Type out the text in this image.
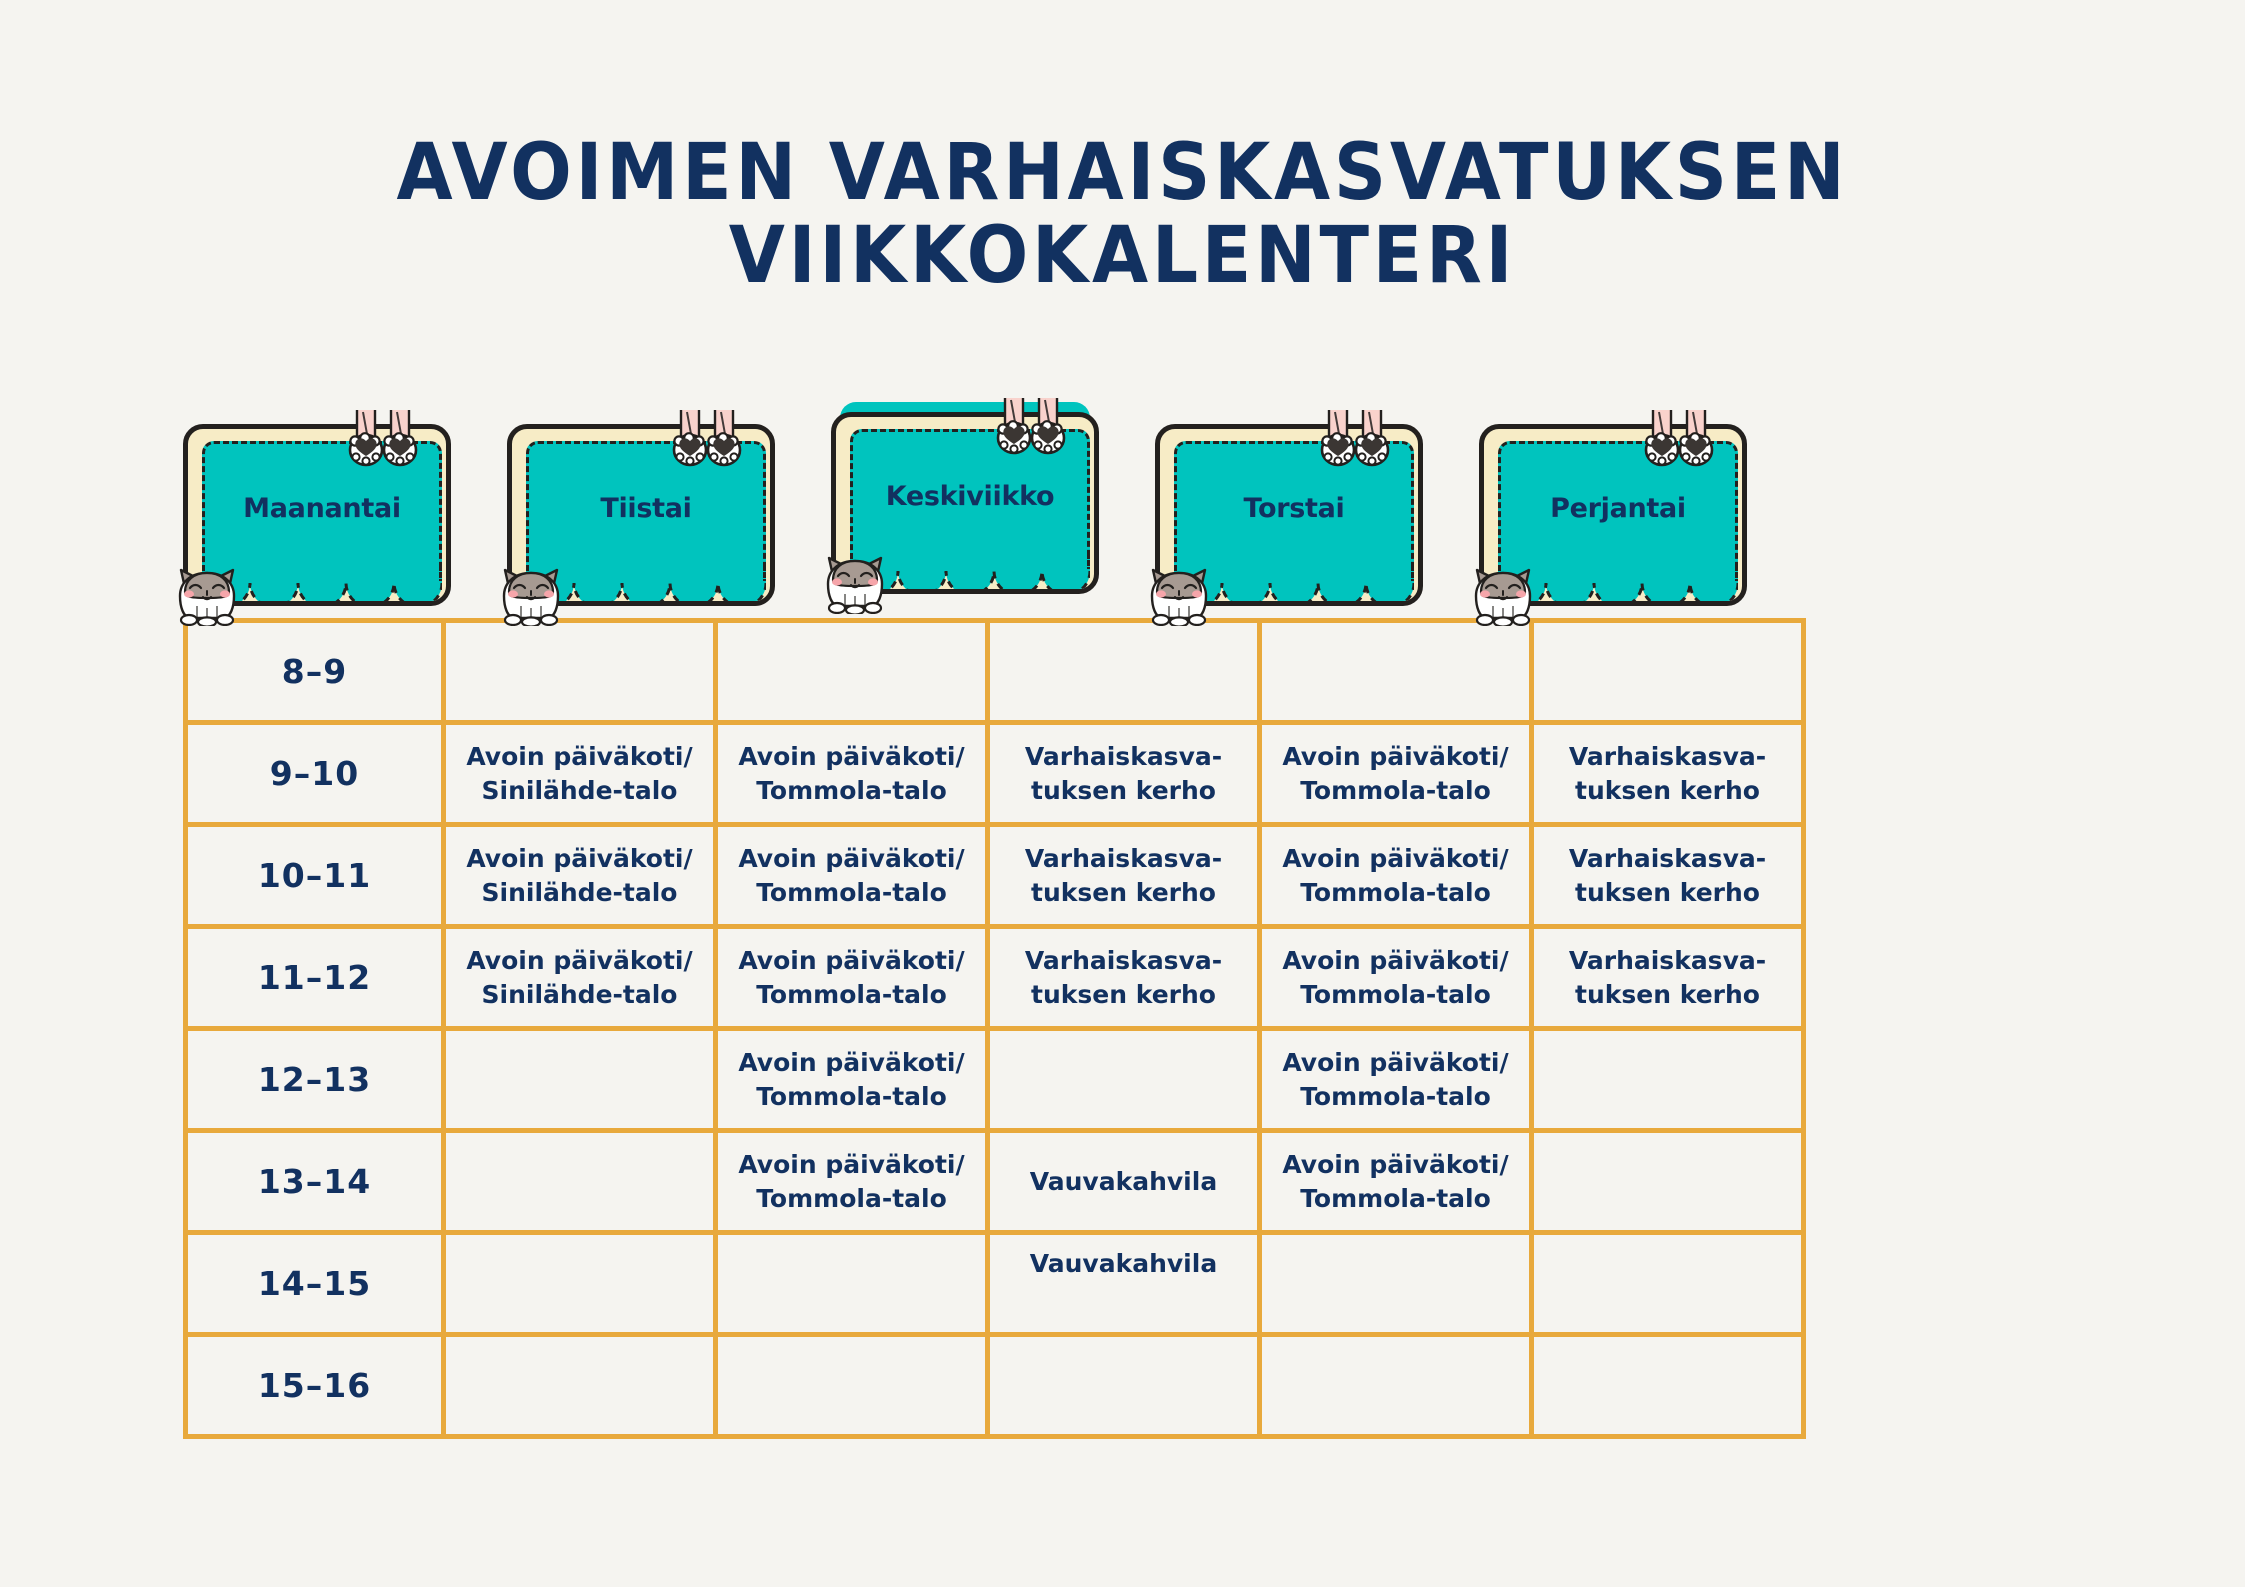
AVOIMEN VARHAISKASVATUKSEN
VIIKKOKALENTERI
Maanantai	Tiistai	Keskiviikko	Torstai	Perjantai
8–9					
9–10	Avoin päiväkoti/ Sinilähde-talo	Avoin päiväkoti/ Tommola-talo	Varhaiskasva- tuksen kerho	Avoin päiväkoti/ Tommola-talo	Varhaiskasva- tuksen kerho
10–11	Avoin päiväkoti/ Sinilähde-talo	Avoin päiväkoti/ Tommola-talo	Varhaiskasva- tuksen kerho	Avoin päiväkoti/ Tommola-talo	Varhaiskasva- tuksen kerho
11–12	Avoin päiväkoti/ Sinilähde-talo	Avoin päiväkoti/ Tommola-talo	Varhaiskasva- tuksen kerho	Avoin päiväkoti/ Tommola-talo	Varhaiskasva- tuksen kerho
12–13		Avoin päiväkoti/ Tommola-talo		Avoin päiväkoti/ Tommola-talo	
13–14		Avoin päiväkoti/ Tommola-talo	Vauvakahvila	Avoin päiväkoti/ Tommola-talo	
14–15			Vauvakahvila		
15–16					
